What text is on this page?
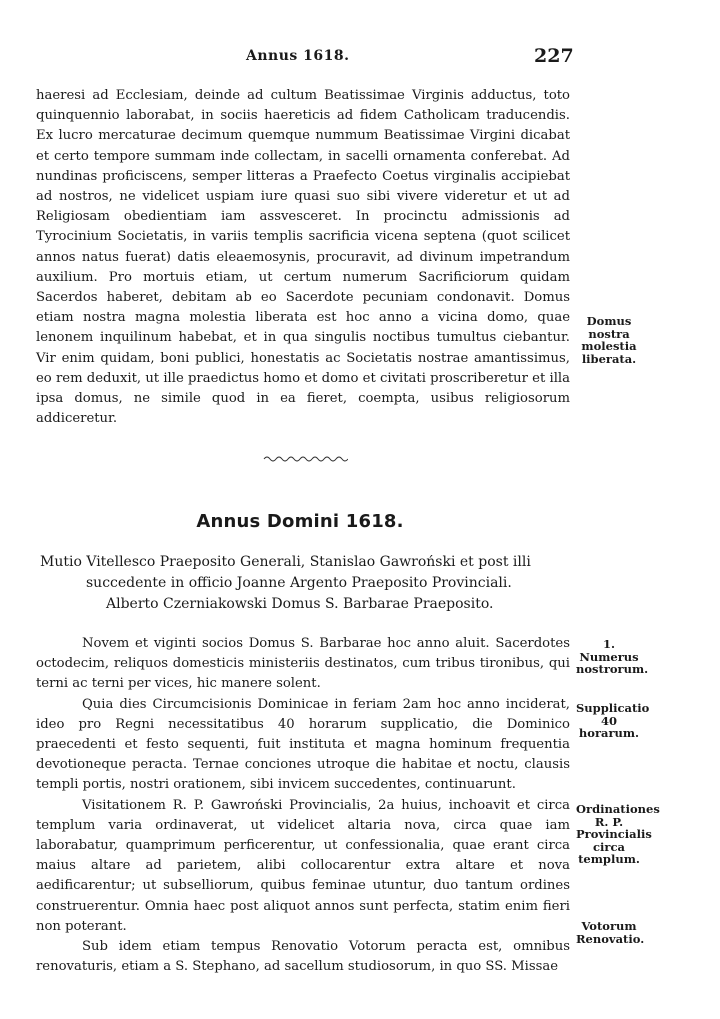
Annus 1618.	227

haeresi ad Ecclesiam, deinde ad cultum Beatissimae Virginis adductus, toto quinquennio laborabat, in sociis haereticis ad fidem Catholicam traducendis. Ex lucro mercaturae decimum quemque nummum Beatissimae Virgini dicabat et certo tempore summam inde collectam, in sacelli ornamenta conferebat. Ad nundinas proficiscens, semper litteras a Praefecto Coetus virginalis accipiebat ad nostros, ne videlicet uspiam iure quasi suo sibi vivere videretur et ut ad Religiosam obedientiam iam assvesceret. In procinctu admissionis ad Tyrocinium Societatis, in variis templis sacrificia vicena septena (quot scilicet annos natus fuerat) datis eleaemosynis, procuravit, ad divinum impetrandum auxilium. Pro mortuis etiam, ut certum numerum Sacrificiorum quidam Sacerdos haberet, debitam ab eo Sacerdote pecuniam condonavit. Domus etiam nostra magna molestia liberata est hoc anno a vicina domo, quae lenonem inquilinum habebat, et in qua singulis noctibus tumultus ciebantur. Vir enim quidam, boni publici, honestatis ac Societatis nostrae amantissimus, eo rem deduxit, ut ille praedictus homo et domo et civitati proscriberetur et illa ipsa domus, ne simile quod in ea fieret, coempta, usibus religiosorum addiceretur.

Domus nostra molestia liberata.
Annus Domini 1618.
Mutio Vitellesco Praeposito Generali, Stanislao Gawroński et post illi
succedente in officio Joanne Argento Praeposito Provinciali.
Alberto Czerniakowski Domus S. Barbarae Praeposito.

Novem et viginti socios Domus S. Barbarae hoc anno aluit. Sacerdotes octodecim, reliquos domesticis ministeriis destinatos, cum tribus tironibus, qui terni ac terni per vices, hic manere solent.

Quia dies Circumcisionis Dominicae in feriam 2am hoc anno inciderat, ideo pro Regni necessitatibus 40 horarum supplicatio, die Dominico praecedenti et festo sequenti, fuit instituta et magna hominum frequentia devotioneque peracta. Ternae conciones utroque die habitae et noctu, clausis templi portis, nostri orationem, sibi invicem succedentes, continuarunt.

Visitationem R. P. Gawroński Provincialis, 2a huius, inchoavit et circa templum varia ordinaverat, ut videlicet altaria nova, circa quae iam laborabatur, quamprimum perficerentur, ut confessionalia, quae erant circa maius altare ad parietem, alibi collocarentur extra altare et nova aedificarentur; ut subselliorum, quibus feminae utuntur, duo tantum ordines construerentur. Omnia haec post aliquot annos sunt perfecta, statim enim fieri non poterant.

Sub idem etiam tempus Renovatio Votorum peracta est, omnibus renovaturis, etiam a S. Stephano, ad sacellum studiosorum, in quo SS. Missae

1. Numerus nostrorum.
Supplicatio 40 horarum.
Ordinationes R. P. Provincialis circa templum.
Votorum Renovatio.
